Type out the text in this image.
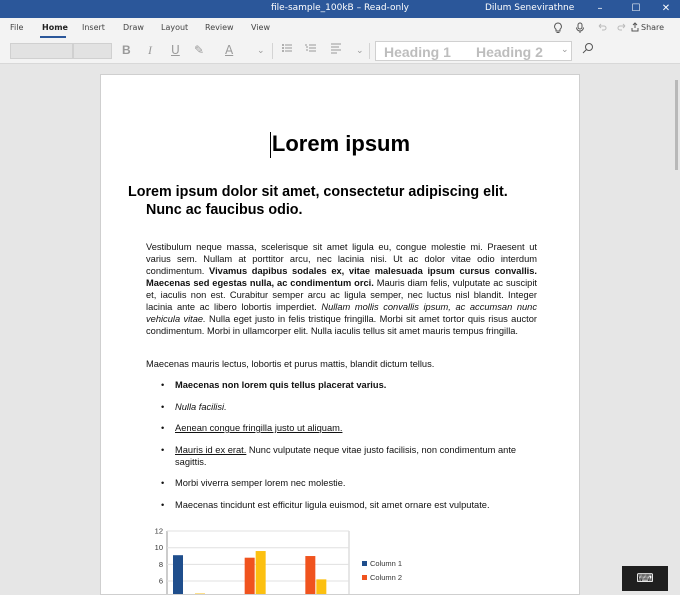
file-sample_100kB – Read-only	Dilum Senevirathne	–	☐	✕
File Home Insert Draw Layout Review View	Share
B I U ✎ A	⌄	⌄ Heading 1 Heading 2 ⌄
Lorem ipsum
Lorem ipsum dolor sit amet, consectetur adipiscing elit.
Nunc ac faucibus odio.
Vestibulum neque massa, scelerisque sit amet ligula eu, congue molestie mi. Praesent ut varius sem. Nullam at porttitor arcu, nec lacinia nisi. Ut ac dolor vitae odio interdum condimentum. Vivamus dapibus sodales ex, vitae malesuada ipsum cursus convallis. Maecenas sed egestas nulla, ac condimentum orci. Mauris diam felis, vulputate ac suscipit et, iaculis non est. Curabitur semper arcu ac ligula semper, nec luctus nisl blandit. Integer lacinia ante ac libero lobortis imperdiet. Nullam mollis convallis ipsum, ac accumsan nunc vehicula vitae. Nulla eget justo in felis tristique fringilla. Morbi sit amet tortor quis risus auctor condimentum. Morbi in ullamcorper elit. Nulla iaculis tellus sit amet mauris tempus fringilla.
Maecenas mauris lectus, lobortis et purus mattis, blandit dictum tellus.
• Maecenas non lorem quis tellus placerat varius.
• Nulla facilisi.
• Aenean congue fringilla justo ut aliquam.
• Mauris id ex erat. Nunc vulputate neque vitae justo facilisis, non condimentum ante sagittis.
• Morbi viverra semper lorem nec molestie.
• Maecenas tincidunt est efficitur ligula euismod, sit amet ornare est vulputate.
12
10
8
6
Column 1
Column 2	⌨
